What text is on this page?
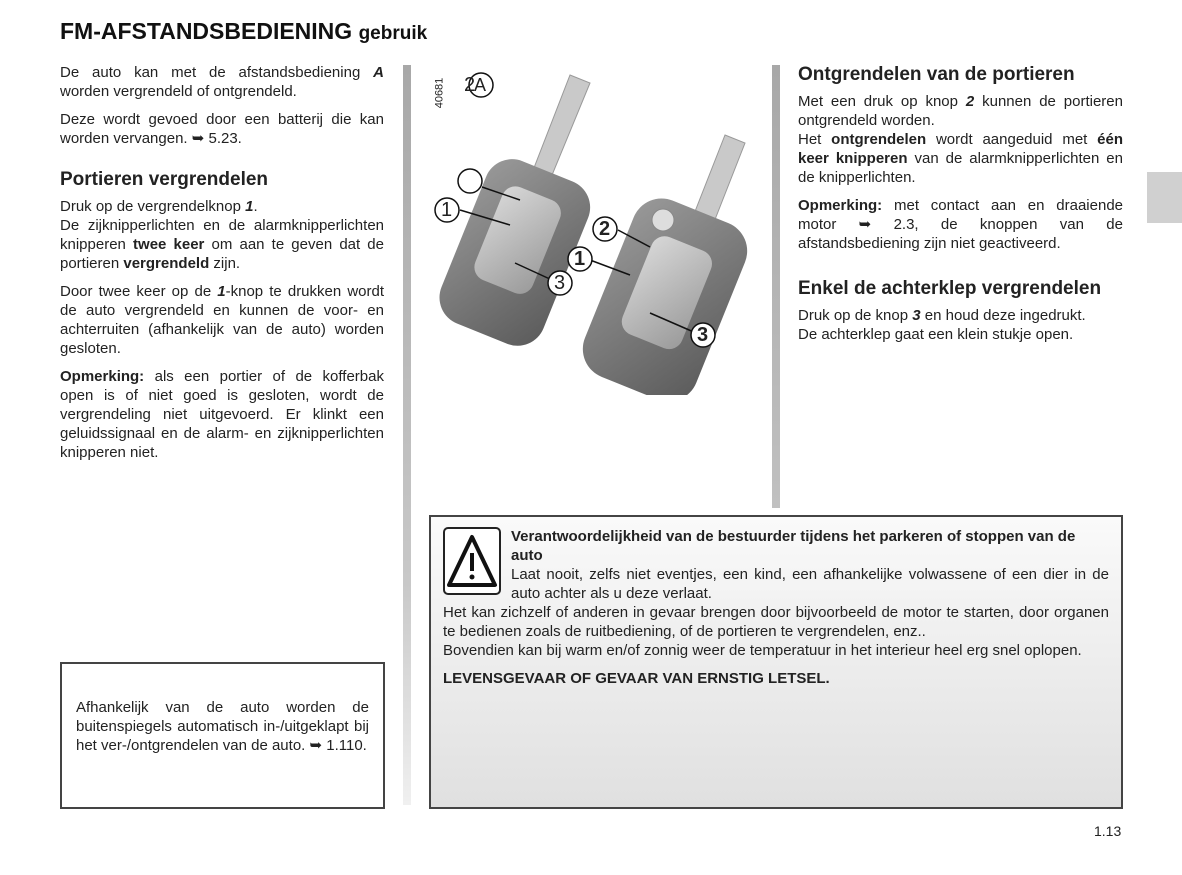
FM-AFSTANDSBEDIENING gebruik

De auto kan met de afstandsbediening A worden vergrendeld of ontgrendeld.

Deze wordt gevoed door een batterij die kan worden vervangen. ➥ 5.23.

Portieren vergrendelen

Druk op de vergrendelknop 1.

De zijknipperlichten en de alarmknipperlichten knipperen twee keer om aan te geven dat de portieren vergrendeld zijn.

Door twee keer op de 1-knop te drukken wordt de auto vergrendeld en kunnen de voor- en achterruiten (afhankelijk van de auto) worden gesloten.

Opmerking: als een portier of de kofferbak open is of niet goed is gesloten, wordt de vergrendeling niet uitgevoerd. Er klinkt een geluidssignaal en de alarm- en zijknipperlichten knipperen niet.

Afhankelijk van de auto worden de buitenspiegels automatisch in-/uitgeklapt bij het ver-/ontgrendelen van de auto. ➥ 1.110.
2
1
3
2
1
3
A
40681
Ontgrendelen van de portieren

Met een druk op knop 2 kunnen de portieren ontgrendeld worden.

Het ontgrendelen wordt aangeduid met één keer knipperen van de alarmknipperlichten en de knipperlichten.

Opmerking: met contact aan en draaiende motor ➥ 2.3, de knoppen van de afstandsbediening zijn niet geactiveerd.

Enkel de achterklep vergrendelen

Druk op de knop 3 en houd deze ingedrukt.

De achterklep gaat een klein stukje open.

Verantwoordelijkheid van de bestuurder tijdens het parkeren of stoppen van de auto
Laat nooit, zelfs niet eventjes, een kind, een afhankelijke volwassene of een dier in de auto achter als u deze verlaat.
Het kan zichzelf of anderen in gevaar brengen door bijvoorbeeld de motor te starten, door organen te bedienen zoals de ruitbediening, of de portieren te vergrendelen, enz..
Bovendien kan bij warm en/of zonnig weer de temperatuur in het interieur heel erg snel oplopen.
LEVENSGEVAAR OF GEVAAR VAN ERNSTIG LETSEL.
1.13
